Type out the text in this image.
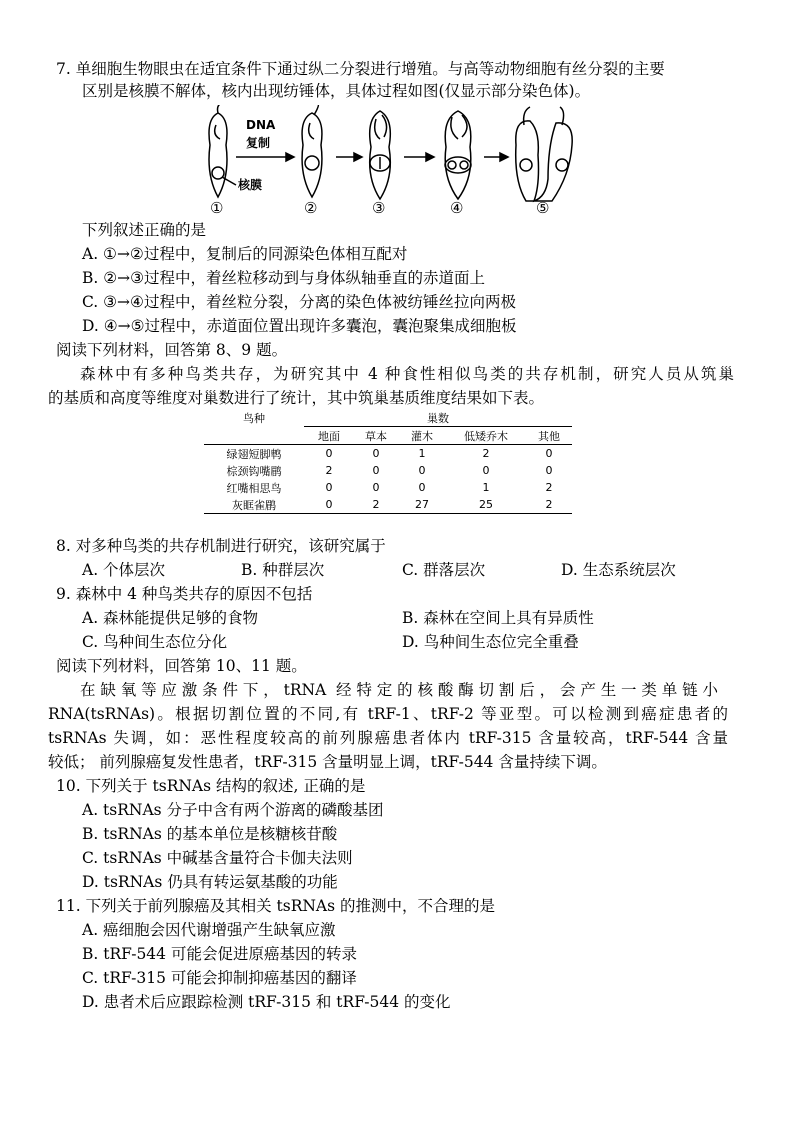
7. 单细胞生物眼虫在适宜条件下通过纵二分裂进行增殖。与高等动物细胞有丝分裂的主要
区别是核膜不解体，核内出现纺锤体，具体过程如图(仅显示部分染色体)。
DNA
复制
核膜
①	②	③	④	⑤
下列叙述正确的是
A. ①→②过程中，复制后的同源染色体相互配对
B. ②→③过程中，着丝粒移动到与身体纵轴垂直的赤道面上
C. ③→④过程中，着丝粒分裂，分离的染色体被纺锤丝拉向两极
D. ④→⑤过程中，赤道面位置出现许多囊泡，囊泡聚集成细胞板
阅读下列材料，回答第 8、9 题。
森林中有多种鸟类共存，为研究其中 4 种食性相似鸟类的共存机制，研究人员从筑巢
的基质和高度等维度对巢数进行了统计，其中筑巢基质维度结果如下表。
鸟种	巢数				
	地面	草本	灌木	低矮乔木	其他
绿翅短脚鹎	0	0	1	2	0
棕颈钩嘴鹛	2	0	0	0	0
红嘴相思鸟	0	0	0	1	2
灰眶雀鹛	0	2	27	25	2
8. 对多种鸟类的共存机制进行研究，该研究属于
A. 个体层次	B. 种群层次	C. 群落层次	D. 生态系统层次
9. 森林中 4 种鸟类共存的原因不包括
A. 森林能提供足够的食物	B. 森林在空间上具有异质性
C. 鸟种间生态位分化	D. 鸟种间生态位完全重叠
阅读下列材料，回答第 10、11 题。
在缺氧等应激条件下，tRNA 经特定的核酸酶切割后，会产生一类单链小
RNA(tsRNAs)。根据切割位置的不同,有 tRF-1、tRF-2 等亚型。可以检测到癌症患者的
tsRNAs 失调，如：恶性程度较高的前列腺癌患者体内 tRF-315 含量较高，tRF-544 含量
较低； 前列腺癌复发性患者，tRF-315 含量明显上调，tRF-544 含量持续下调。
10. 下列关于 tsRNAs 结构的叙述, 正确的是
A. tsRNAs 分子中含有两个游离的磷酸基团
B. tsRNAs 的基本单位是核糖核苷酸
C. tsRNAs 中碱基含量符合卡伽夫法则
D. tsRNAs 仍具有转运氨基酸的功能
11. 下列关于前列腺癌及其相关 tsRNAs 的推测中，不合理的是
A. 癌细胞会因代谢增强产生缺氧应激
B. tRF-544 可能会促进原癌基因的转录
C. tRF-315 可能会抑制抑癌基因的翻译
D. 患者术后应跟踪检测 tRF-315 和 tRF-544 的变化
